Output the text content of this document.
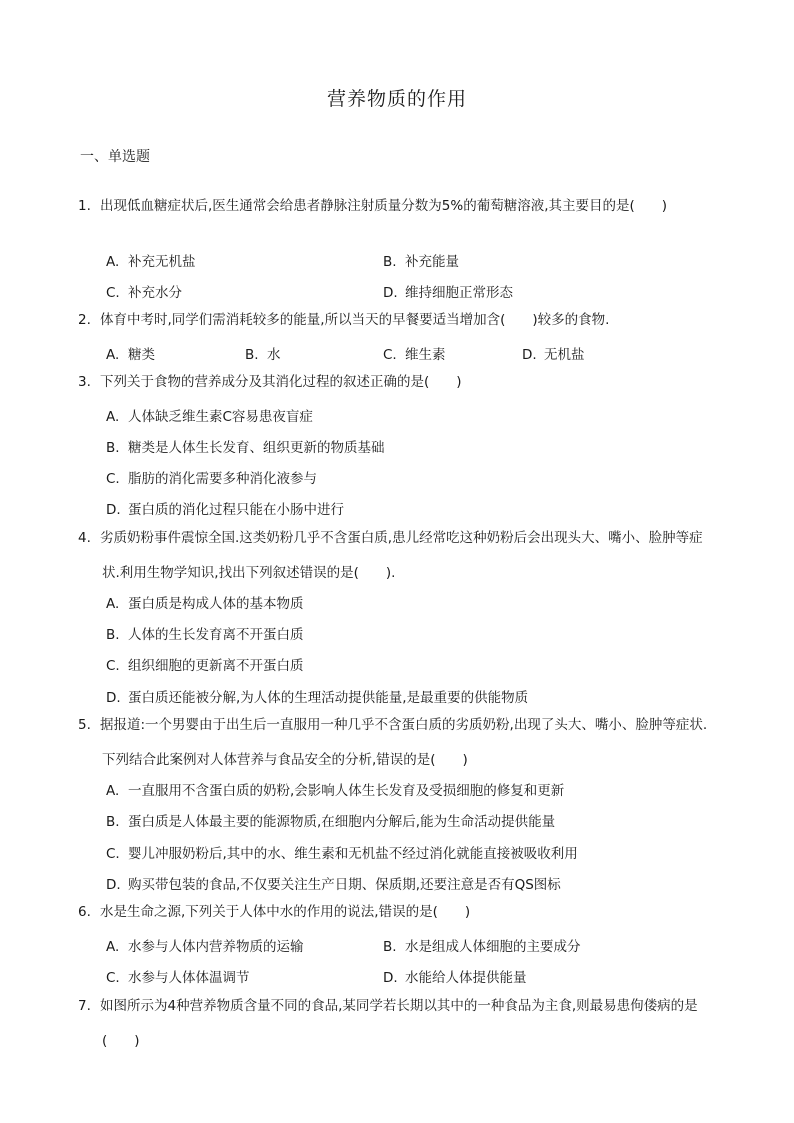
营养物质的作用
一、单选题
1. 出现低血糖症状后,医生通常会给患者静脉注射质量分数为5%的葡萄糖溶液,其主要目的是(　　)
A. 补充无机盐	B. 补充能量
C. 补充水分	D. 维持细胞正常形态
2. 体育中考时,同学们需消耗较多的能量,所以当天的早餐要适当增加含(　　)较多的食物.
A. 糖类	B. 水	C. 维生素	D. 无机盐
3. 下列关于食物的营养成分及其消化过程的叙述正确的是(　　)
A. 人体缺乏维生素C容易患夜盲症
B. 糖类是人体生长发育、组织更新的物质基础
C. 脂肪的消化需要多种消化液参与
D. 蛋白质的消化过程只能在小肠中进行
4. 劣质奶粉事件震惊全国.这类奶粉几乎不含蛋白质,患儿经常吃这种奶粉后会出现头大、嘴小、脸肿等症
状.利用生物学知识,找出下列叙述错误的是(　　).
A. 蛋白质是构成人体的基本物质
B. 人体的生长发育离不开蛋白质
C. 组织细胞的更新离不开蛋白质
D. 蛋白质还能被分解,为人体的生理活动提供能量,是最重要的供能物质
5. 据报道:一个男婴由于出生后一直服用一种几乎不含蛋白质的劣质奶粉,出现了头大、嘴小、脸肿等症状.
下列结合此案例对人体营养与食品安全的分析,错误的是(　　)
A. 一直服用不含蛋白质的奶粉,会影响人体生长发育及受损细胞的修复和更新
B. 蛋白质是人体最主要的能源物质,在细胞内分解后,能为生命活动提供能量
C. 婴儿冲服奶粉后,其中的水、维生素和无机盐不经过消化就能直接被吸收利用
D. 购买带包装的食品,不仅要关注生产日期、保质期,还要注意是否有QS图标
6. 水是生命之源,下列关于人体中水的作用的说法,错误的是(　　)
A. 水参与人体内营养物质的运输	B. 水是组成人体细胞的主要成分
C. 水参与人体体温调节	D. 水能给人体提供能量
7. 如图所示为4种营养物质含量不同的食品,某同学若长期以其中的一种食品为主食,则最易患佝偻病的是
(　　)
